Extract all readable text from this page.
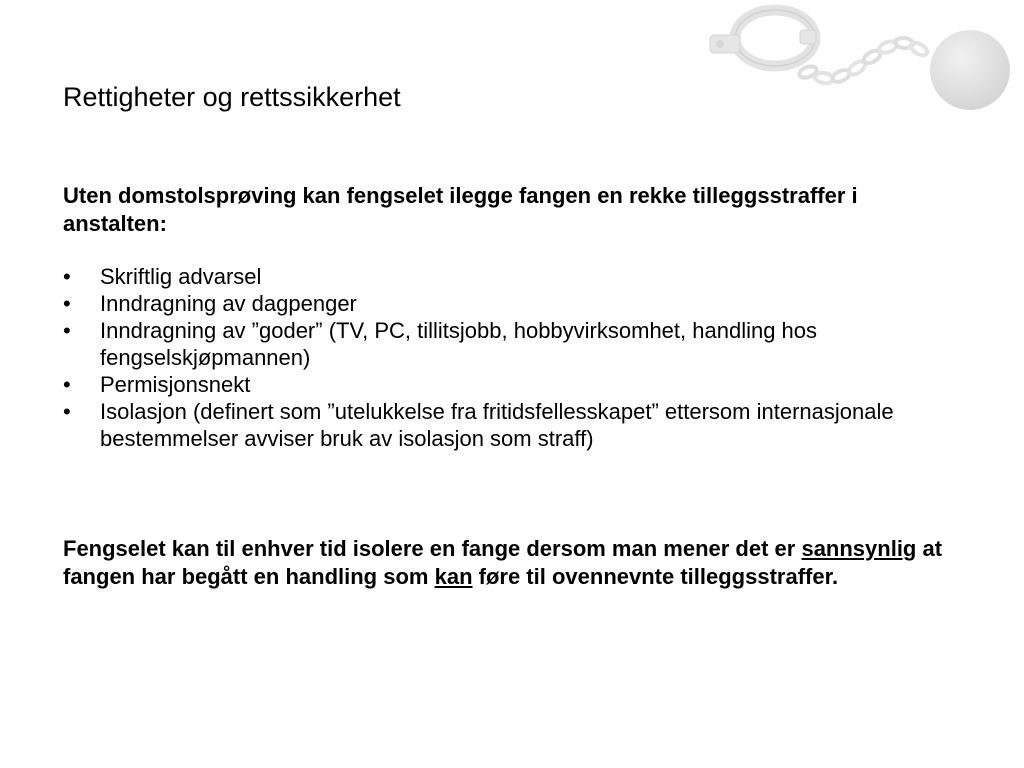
Rettigheter og rettssikkerhet
Uten domstolsprøving kan fengselet ilegge fangen en rekke tilleggsstraffer i anstalten:
• Skriftlig advarsel
• Inndragning av dagpenger
• Inndragning av ”goder” (TV, PC, tillitsjobb, hobbyvirksomhet, handling hos fengselskjøpmannen)
• Permisjonsnekt
• Isolasjon (definert som ”utelukkelse fra fritidsfellesskapet” ettersom internasjonale bestemmelser avviser bruk av isolasjon som straff)
Fengselet kan til enhver tid isolere en fange dersom man mener det er sannsynlig at fangen har begått en handling som kan føre til ovennevnte tilleggsstraffer.
